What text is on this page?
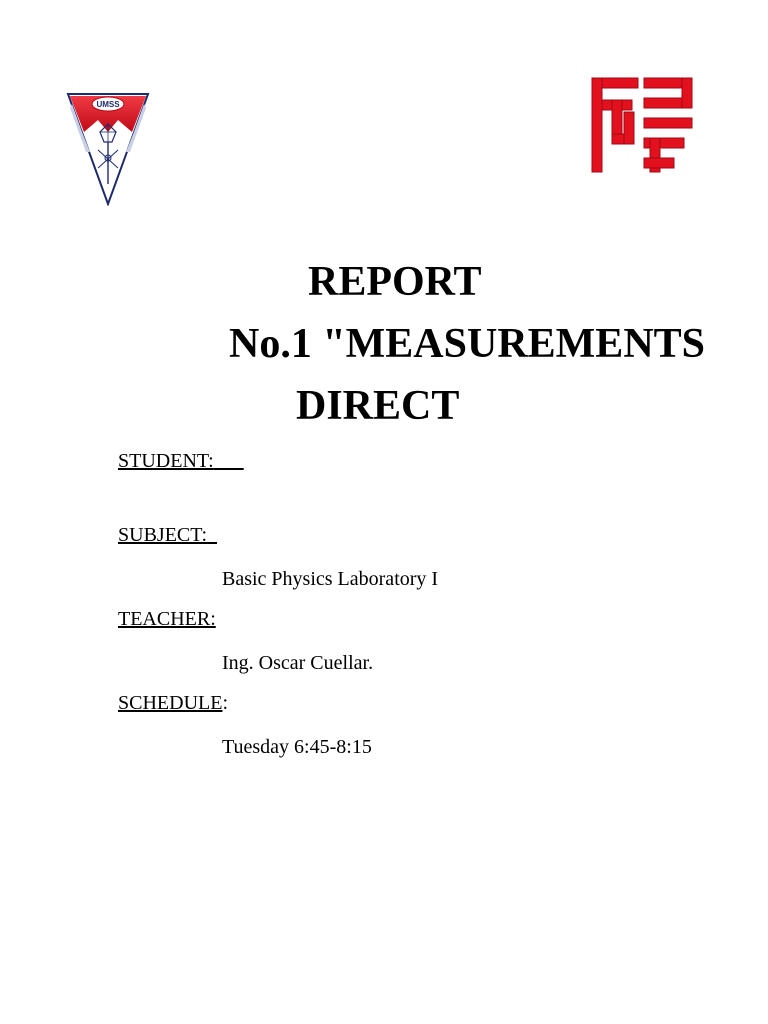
UMSS
REPORT
No.1 "MEASUREMENTS
DIRECT
STUDENT:
SUBJECT:
Basic Physics Laboratory I
TEACHER:
Ing. Oscar Cuellar.
SCHEDULE:
Tuesday 6:45-8:15
